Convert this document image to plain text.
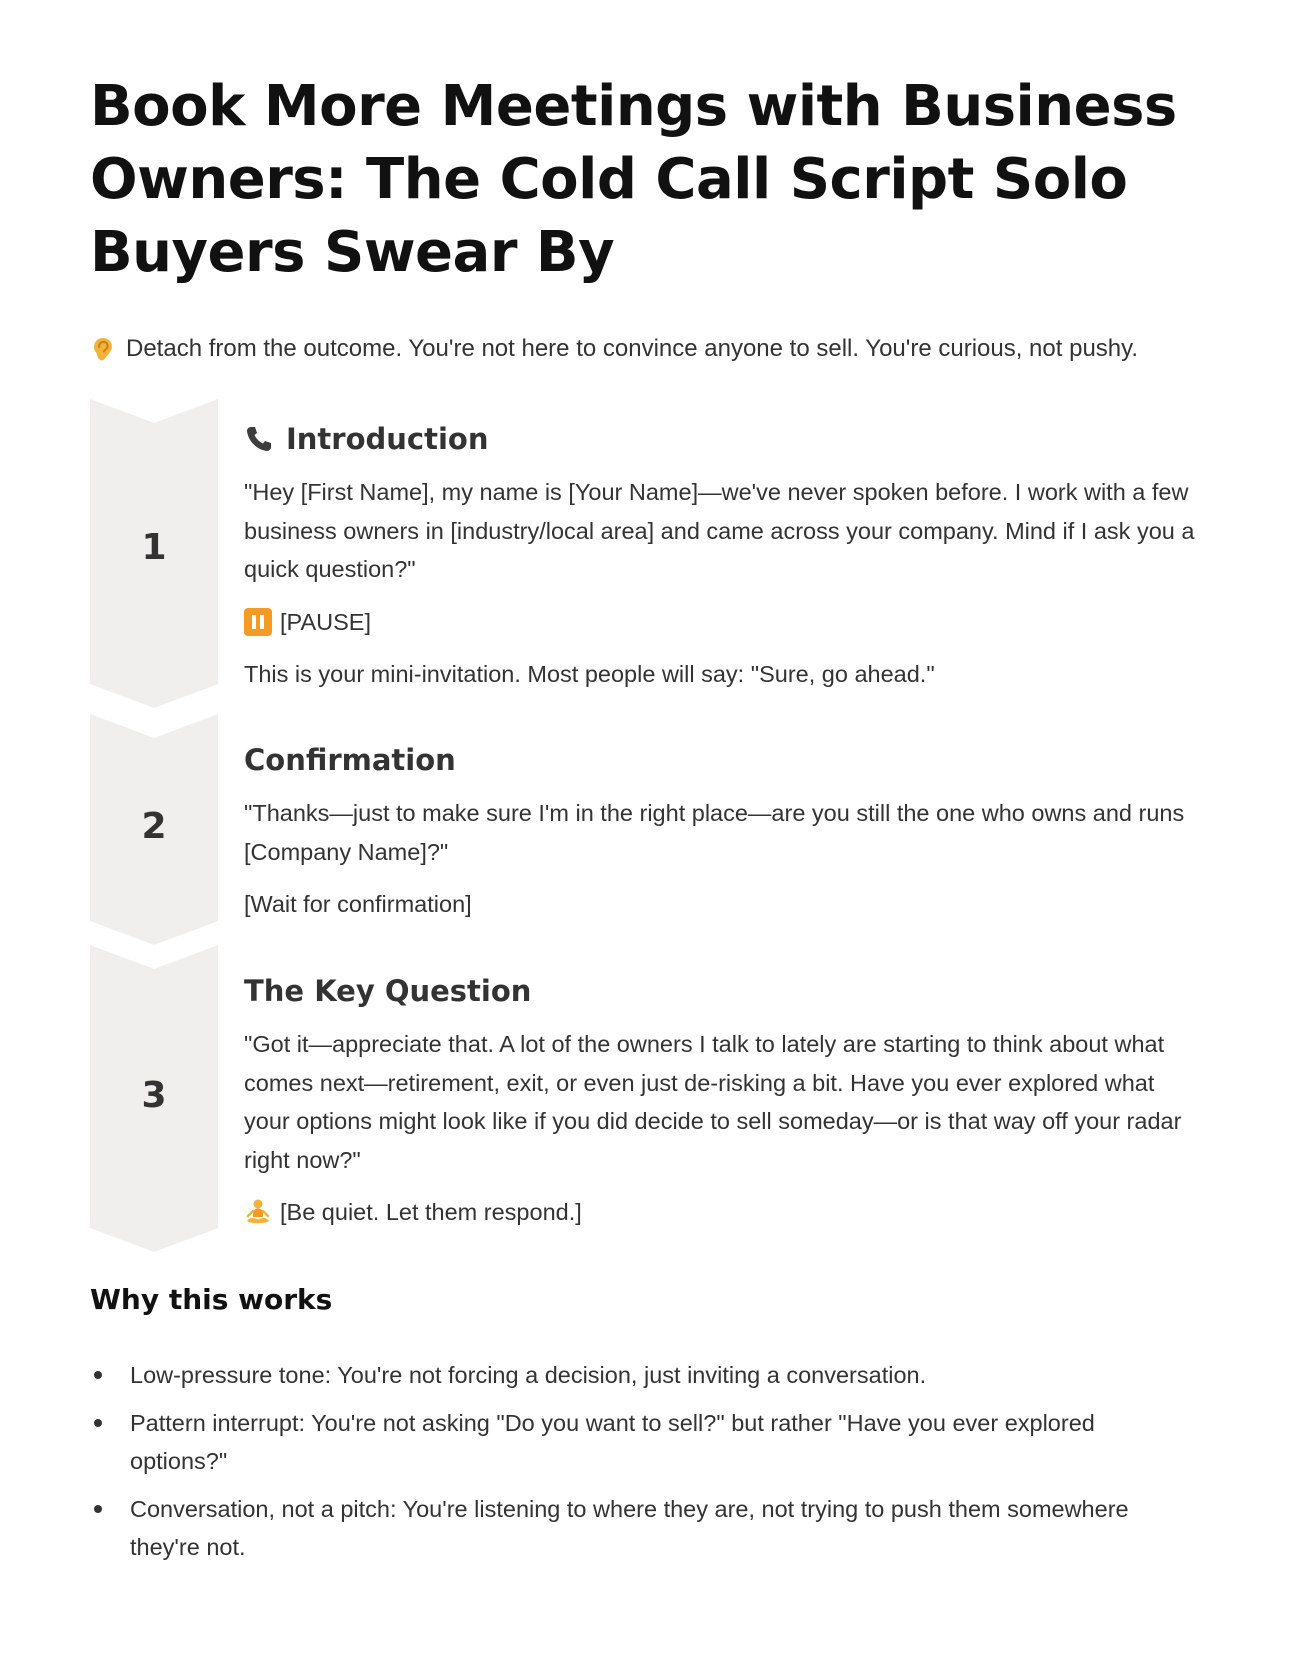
Book More Meetings with Business Owners: The Cold Call Script Solo Buyers Swear By
Detach from the outcome. You're not here to convince anyone to sell. You're curious, not pushy.
1
Introduction
"Hey [First Name], my name is [Your Name]—we've never spoken before. I work with a few business owners in [industry/local area] and came across your company. Mind if I ask you a quick question?"
[PAUSE]
This is your mini-invitation. Most people will say: "Sure, go ahead."
2
Confirmation
"Thanks—just to make sure I'm in the right place—are you still the one who owns and runs [Company Name]?"
[Wait for confirmation]
3
The Key Question
"Got it—appreciate that. A lot of the owners I talk to lately are starting to think about what comes next—retirement, exit, or even just de-risking a bit. Have you ever explored what your options might look like if you did decide to sell someday—or is that way off your radar right now?"
[Be quiet. Let them respond.]
Why this works
Low-pressure tone: You're not forcing a decision, just inviting a conversation.
Pattern interrupt: You're not asking "Do you want to sell?" but rather "Have you ever explored options?"
Conversation, not a pitch: You're listening to where they are, not trying to push them somewhere they're not.
